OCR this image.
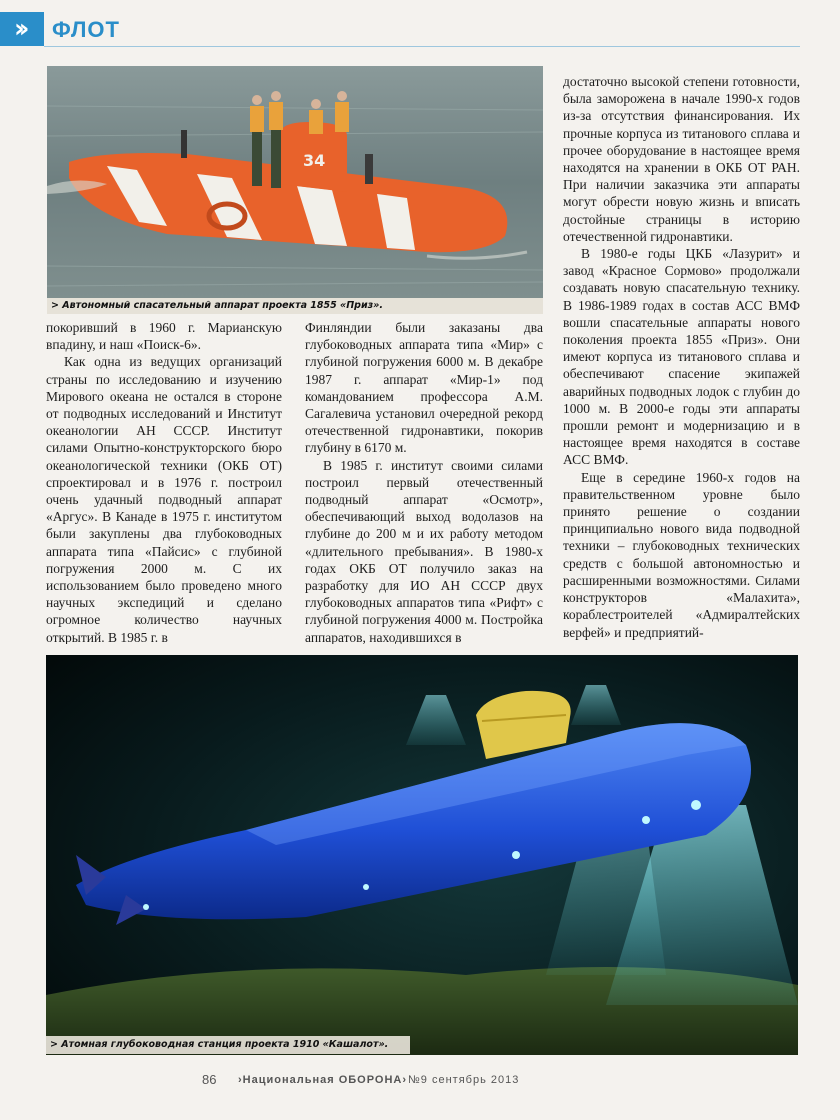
›› ФЛОТ
34
> Автономный спасательный аппарат проекта 1855 «Приз».

покоривший в 1960 г. Марианскую впадину, и наш «Поиск-6».

Как одна из ведущих организаций страны по исследованию и изучению Мирового океана не остался в стороне от подводных исследований и Институт океанологии АН СССР. Институт силами Опытно-конструкторского бюро океанологической техники (ОКБ ОТ) спроектировал и в 1976 г. построил очень удачный подводный аппарат «Аргус». В Канаде в 1975 г. институтом были закуплены два глубоководных аппарата типа «Пайсис» с глубиной погружения 2000 м. С их использованием было проведено много научных экспедиций и сделано огромное количество научных открытий. В 1985 г. в

Финляндии были заказаны два глубоководных аппарата типа «Мир» с глубиной погружения 6000 м. В декабре 1987 г. аппарат «Мир-1» под командованием профессора А.М. Сагалевича установил очередной рекорд отечественной гидронавтики, покорив глубину в 6170 м.

В 1985 г. институт своими силами построил первый отечественный подводный аппарат «Осмотр», обеспечивающий выход водолазов на глубине до 200 м и их работу методом «длительного пребывания». В 1980-х годах ОКБ ОТ получило заказ на разработку для ИО АН СССР двух глубоководных аппаратов типа «Рифт» с глубиной погружения 4000 м. Постройка аппаратов, находившихся в

достаточно высокой степени готовности, была заморожена в начале 1990-х годов из-за отсутствия финансирования. Их прочные корпуса из титанового сплава и прочее оборудование в настоящее время находятся на хранении в ОКБ ОТ РАН. При наличии заказчика эти аппараты могут обрести новую жизнь и вписать достойные страницы в историю отечественной гидронавтики.

В 1980-е годы ЦКБ «Лазурит» и завод «Красное Сормово» продолжали создавать новую спасательную технику. В 1986-1989 годах в состав АСС ВМФ вошли спасательные аппараты нового поколения проекта 1855 «Приз». Они имеют корпуса из титанового сплава и обеспечивают спасение экипажей аварийных подводных лодок с глубин до 1000 м. В 2000-е годы эти аппараты прошли ремонт и модернизацию и в настоящее время находятся в составе АСС ВМФ.

Еще в середине 1960-х годов на правительственном уровне было принято решение о создании принципиально нового вида подводной техники – глубоководных технических средств с большой автономностью и расширенными возможностями. Силами конструкторов «Малахита», кораблестроителей «Адмиралтейских верфей» и предприятий-

> Атомная глубоководная станция проекта 1910 «Кашалот».
86 ›Национальная ОБОРОНА› №9 сентябрь 2013
